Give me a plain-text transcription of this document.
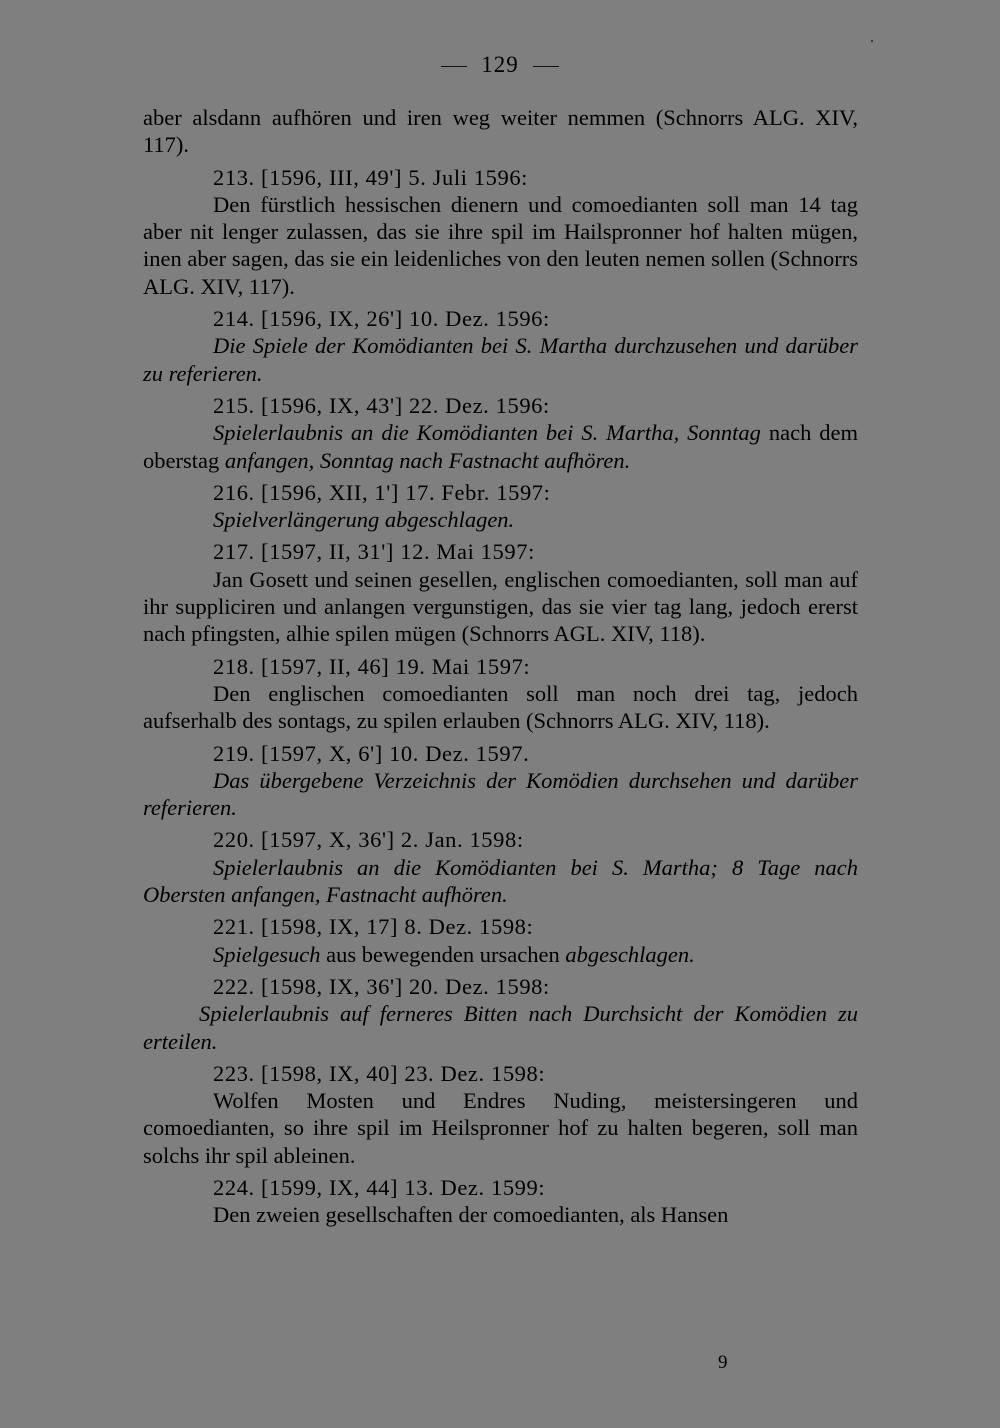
129

aber alsdann aufhören und iren weg weiter nemmen (Schnorrs ALG. XIV, 117).

213. [1596, III, 49'] 5. Juli 1596:

Den fürstlich hessischen dienern und comoedianten soll man 14 tag aber nit lenger zulassen, das sie ihre spil im Hailspronner hof halten mügen, inen aber sagen, das sie ein leidenliches von den leuten nemen sollen (Schnorrs ALG. XIV, 117).

214. [1596, IX, 26'] 10. Dez. 1596:

Die Spiele der Komödianten bei S. Martha durchzusehen und darüber zu referieren.

215. [1596, IX, 43'] 22. Dez. 1596:

Spielerlaubnis an die Komödianten bei S. Martha, Sonntag nach dem oberstag anfangen, Sonntag nach Fastnacht aufhören.

216. [1596, XII, 1'] 17. Febr. 1597:

Spielverlängerung abgeschlagen.

217. [1597, II, 31'] 12. Mai 1597:

Jan Gosett und seinen gesellen, englischen comoedianten, soll man auf ihr suppliciren und anlangen vergunstigen, das sie vier tag lang, jedoch ererst nach pfingsten, alhie spilen mügen (Schnorrs AGL. XIV, 118).

218. [1597, II, 46] 19. Mai 1597:

Den englischen comoedianten soll man noch drei tag, jedoch aufserhalb des sontags, zu spilen erlauben (Schnorrs ALG. XIV, 118).

219. [1597, X, 6'] 10. Dez. 1597.

Das übergebene Verzeichnis der Komödien durchsehen und darüber referieren.

220. [1597, X, 36'] 2. Jan. 1598:

Spielerlaubnis an die Komödianten bei S. Martha; 8 Tage nach Obersten anfangen, Fastnacht aufhören.

221. [1598, IX, 17] 8. Dez. 1598:

Spielgesuch aus bewegenden ursachen abgeschlagen.

222. [1598, IX, 36'] 20. Dez. 1598:

Spielerlaubnis auf ferneres Bitten nach Durchsicht der Komödien zu erteilen.

223. [1598, IX, 40] 23. Dez. 1598:

Wolfen Mosten und Endres Nuding, meistersingeren und comoedianten, so ihre spil im Heilspronner hof zu halten begeren, soll man solchs ihr spil ableinen.

224. [1599, IX, 44] 13. Dez. 1599:

Den zweien gesellschaften der comoedianten, als Hansen

9
